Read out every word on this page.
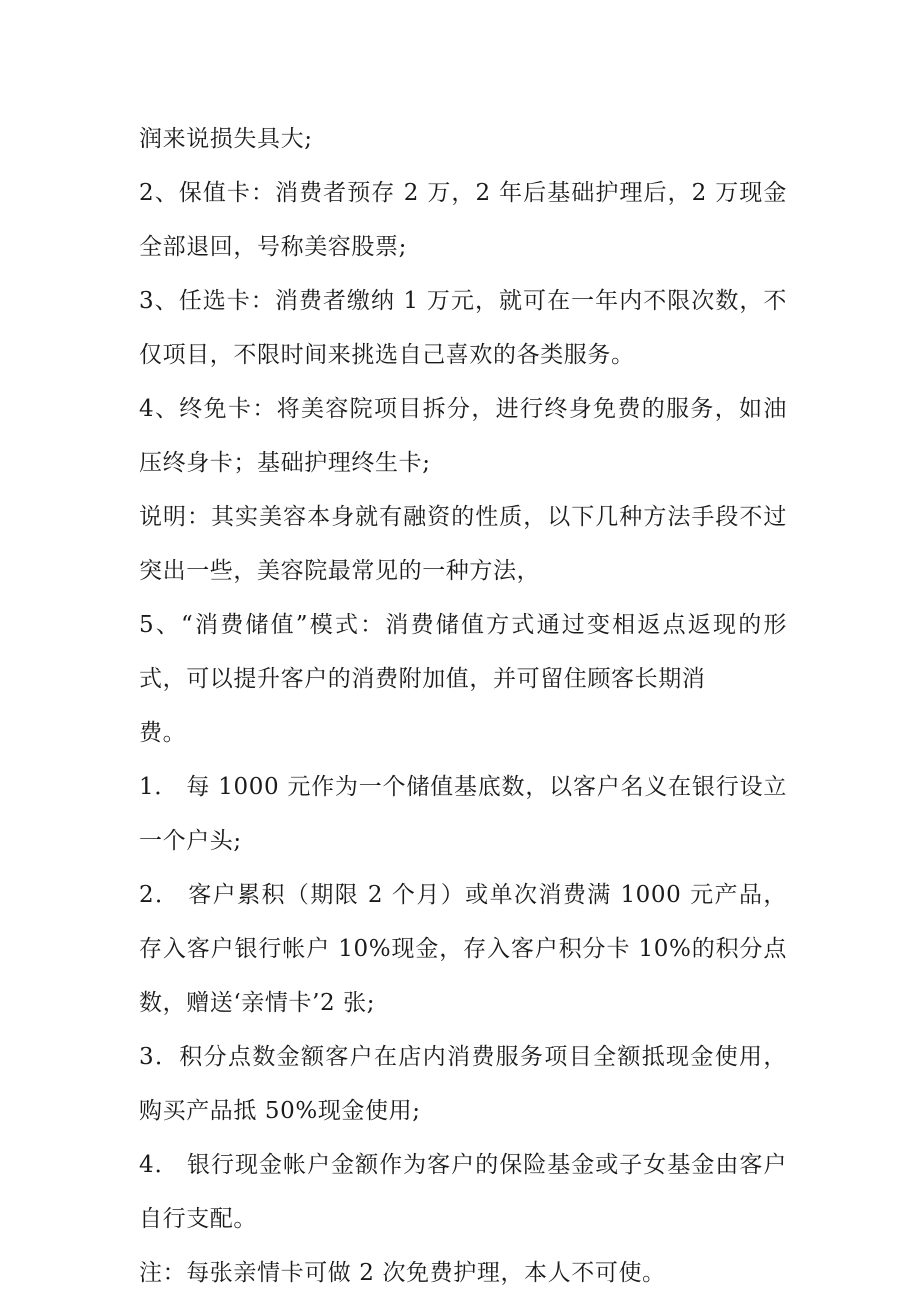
润来说损失具大;

2、保值卡：消费者预存 2 万，2 年后基础护理后，2 万现金全部退回，号称美容股票;

3、任选卡：消费者缴纳 1 万元，就可在一年内不限次数，不仅项目，不限时间来挑选自己喜欢的各类服务。

4、终免卡：将美容院项目拆分，进行终身免费的服务，如油压终身卡；基础护理终生卡;

说明：其实美容本身就有融资的性质，以下几种方法手段不过突出一些，美容院最常见的一种方法，

5、“消费储值”模式：消费储值方式通过变相返点返现的形式，可以提升客户的消费附加值，并可留住顾客长期消

费。

1． 每 1000 元作为一个储值基底数，以客户名义在银行设立一个户头;

2． 客户累积（期限 2 个月）或单次消费满 1000 元产品，存入客户银行帐户 10%现金，存入客户积分卡 10%的积分点数，赠送‘亲情卡’2 张;

3．积分点数金额客户在店内消费服务项目全额抵现金使用，购买产品抵 50%现金使用;

4． 银行现金帐户金额作为客户的保险基金或子女基金由客户自行支配。

注：每张亲情卡可做 2 次免费护理，本人不可使。
